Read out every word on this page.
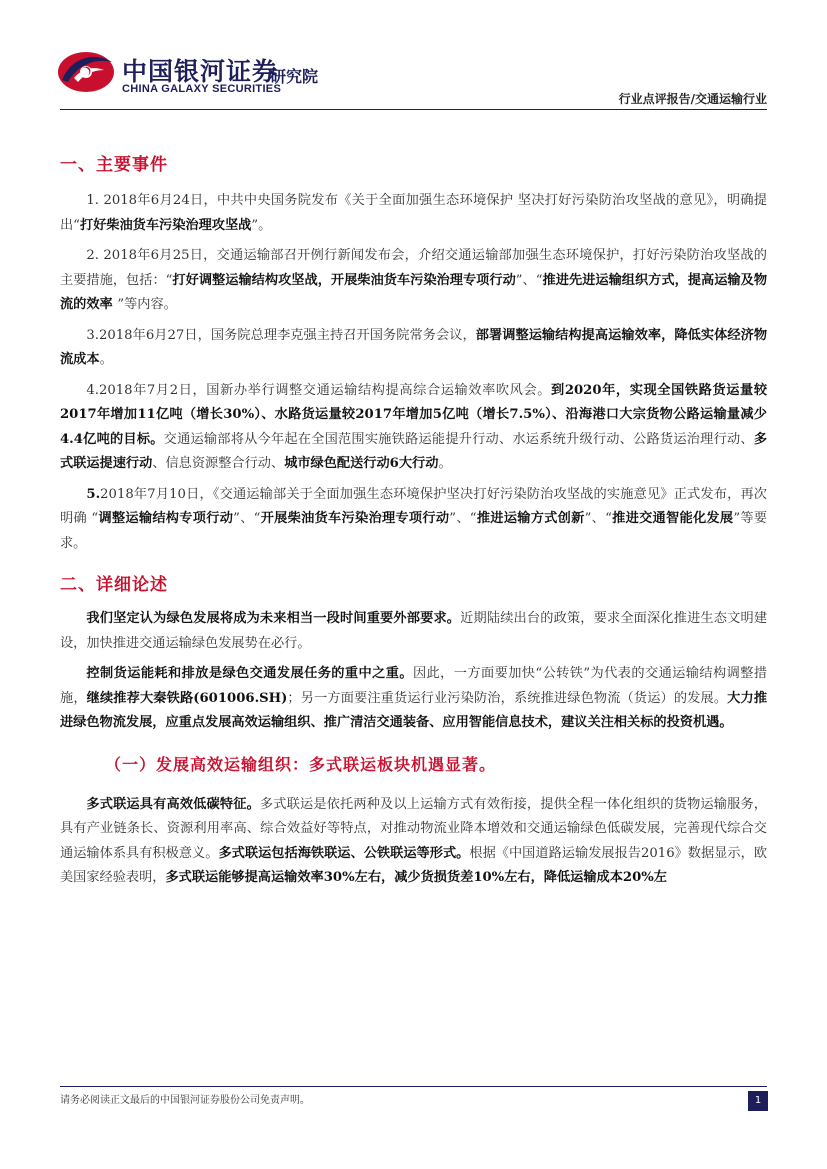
中国银河证券
CHINA GALAXY SECURITIES
研究院
行业点评报告/交通运输行业
一、主要事件

1. 2018年6月24日，中共中央国务院发布《关于全面加强生态环境保护 坚决打好污染防治攻坚战的意见》，明确提出“打好柴油货车污染治理攻坚战”。

2. 2018年6月25日，交通运输部召开例行新闻发布会，介绍交通运输部加强生态环境保护，打好污染防治攻坚战的主要措施，包括：“打好调整运输结构攻坚战，开展柴油货车污染治理专项行动”、“推进先进运输组织方式，提高运输及物流的效率 ”等内容。

3.2018年6月27日，国务院总理李克强主持召开国务院常务会议，部署调整运输结构提高运输效率，降低实体经济物流成本。

4.2018年7月2日，国新办举行调整交通运输结构提高综合运输效率吹风会。到2020年，实现全国铁路货运量较2017年增加11亿吨（增长30%）、水路货运量较2017年增加5亿吨（增长7.5%）、沿海港口大宗货物公路运输量减少4.4亿吨的目标。交通运输部将从今年起在全国范围实施铁路运能提升行动、水运系统升级行动、公路货运治理行动、多式联运提速行动、信息资源整合行动、城市绿色配送行动6大行动。

5.2018年7月10日，《交通运输部关于全面加强生态环境保护坚决打好污染防治攻坚战的实施意见》正式发布，再次明确 “调整运输结构专项行动”、“开展柴油货车污染治理专项行动”、“推进运输方式创新”、“推进交通智能化发展”等要求。

二、详细论述

我们坚定认为绿色发展将成为未来相当一段时间重要外部要求。近期陆续出台的政策，要求全面深化推进生态文明建设，加快推进交通运输绿色发展势在必行。

控制货运能耗和排放是绿色交通发展任务的重中之重。因此，一方面要加快“公转铁”为代表的交通运输结构调整措施，继续推荐大秦铁路(601006.SH)；另一方面要注重货运行业污染防治，系统推进绿色物流（货运）的发展。大力推进绿色物流发展，应重点发展高效运输组织、推广清洁交通装备、应用智能信息技术，建议关注相关标的投资机遇。

（一）发展高效运输组织：多式联运板块机遇显著。

多式联运具有高效低碳特征。多式联运是依托两种及以上运输方式有效衔接，提供全程一体化组织的货物运输服务，具有产业链条长、资源利用率高、综合效益好等特点，对推动物流业降本增效和交通运输绿色低碳发展，完善现代综合交通运输体系具有积极意义。多式联运包括海铁联运、公铁联运等形式。根据《中国道路运输发展报告2016》数据显示，欧美国家经验表明，多式联运能够提高运输效率30%左右，减少货损货差10%左右，降低运输成本20%左

请务必阅读正文最后的中国银河证券股份公司免责声明。	1
